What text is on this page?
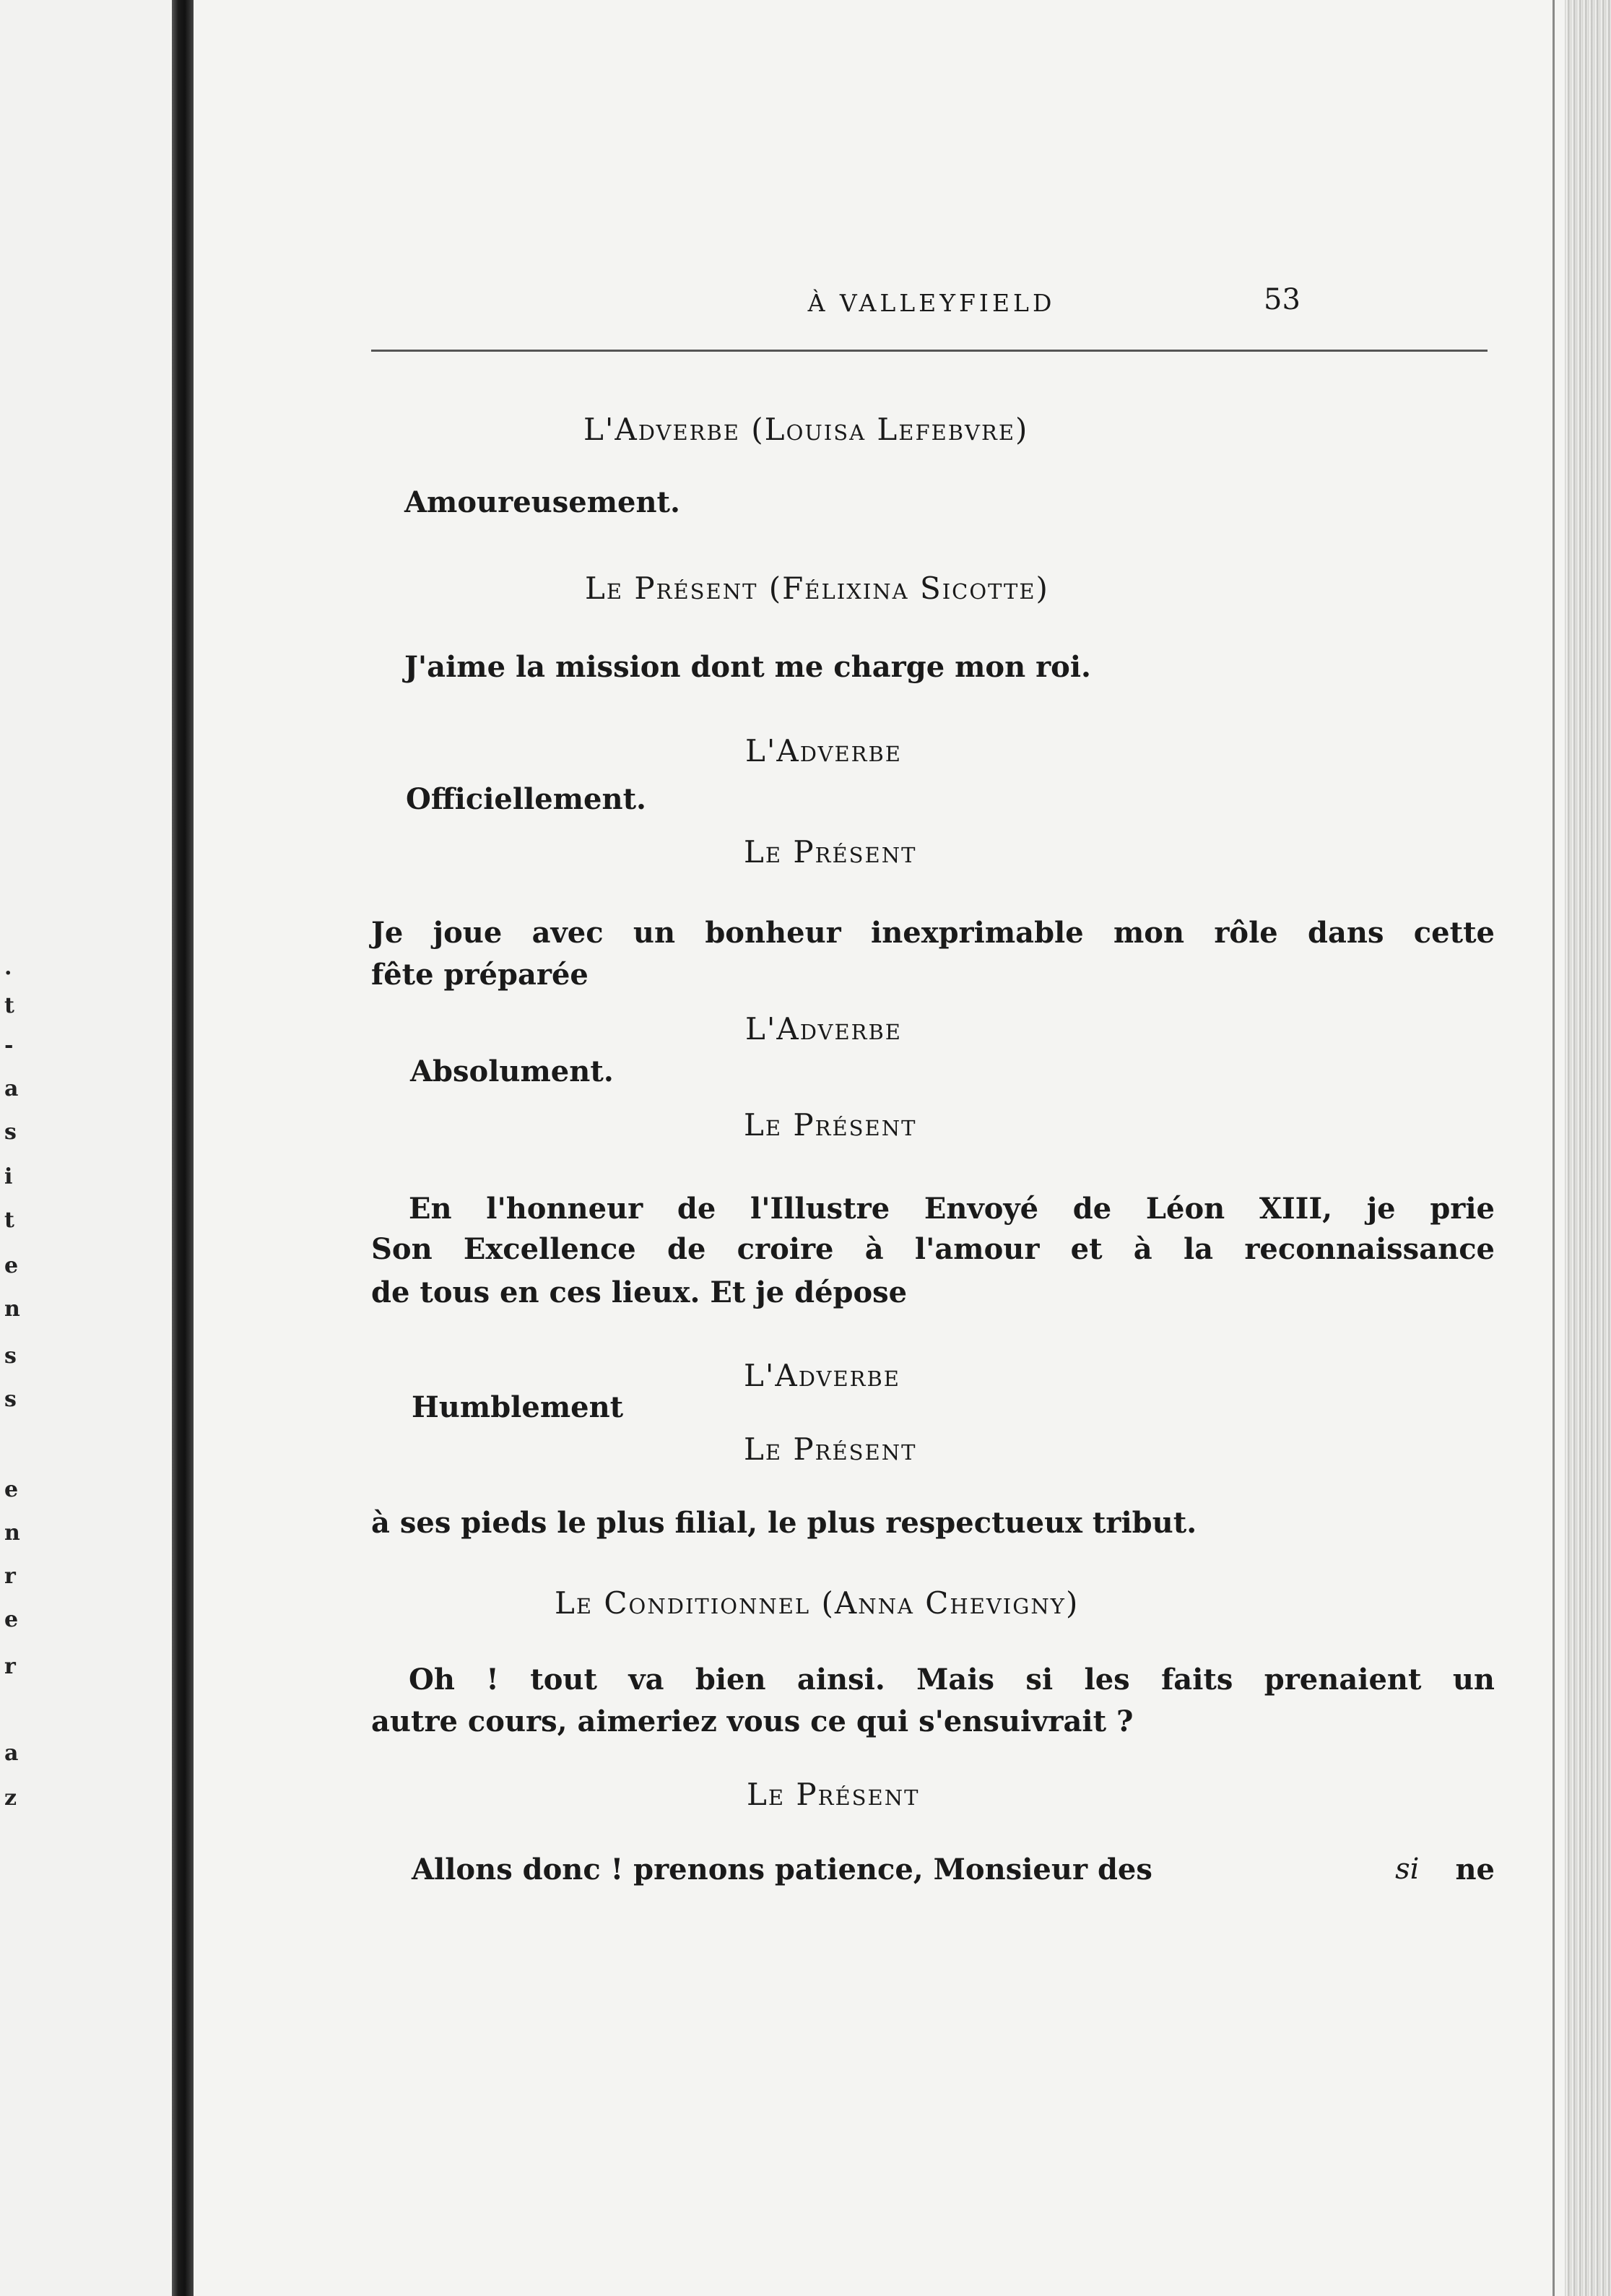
·
t
-
a
s
i
t
e
n
s
s
e
n
r
e
r
a
z
À VALLEYFIELD	53
L'Adverbe (Louisa Lefebvre)
Amoureusement.
Le Présent (Félixina Sicotte)
J'aime la mission dont me charge mon roi.
L'Adverbe
Officiellement.
Le Présent
Je joue avec un bonheur inexprimable mon rôle dans cette
fête préparée
L'Adverbe
Absolument.
Le Présent
En l'honneur de l'Illustre Envoyé de Léon XIII, je prie
Son Excellence de croire à l'amour et à la reconnaissance
de tous en ces lieux. Et je dépose
L'Adverbe
Humblement
Le Présent
à ses pieds le plus filial, le plus respectueux tribut.
Le Conditionnel (Anna Chevigny)
Oh ! tout va bien ainsi. Mais si les faits prenaient un
autre cours, aimeriez vous ce qui s'ensuivrait ?
Le Présent
Allons donc ! prenons patience, Monsieur des	si ne
